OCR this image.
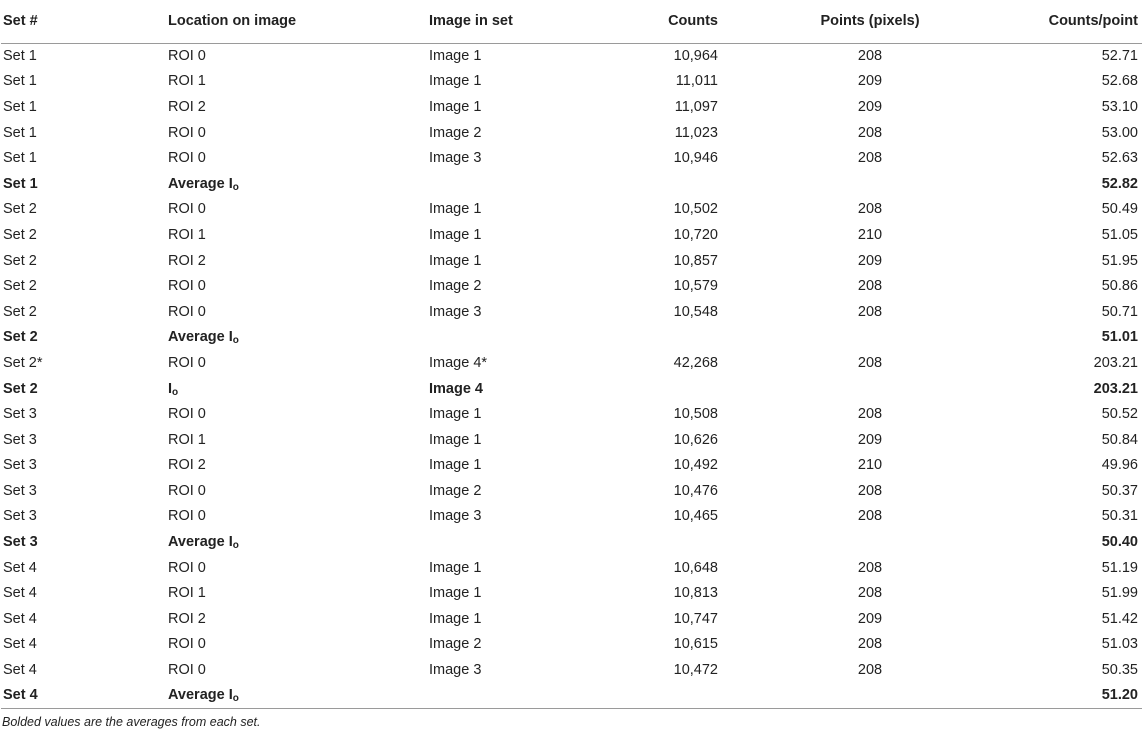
Set #	Location on image	Image in set	Counts	Points (pixels)	Counts/point
Set 1	ROI 0	Image 1	10,964	208	52.71
Set 1	ROI 1	Image 1	11,011	209	52.68
Set 1	ROI 2	Image 1	11,097	209	53.10
Set 1	ROI 0	Image 2	11,023	208	53.00
Set 1	ROI 0	Image 3	10,946	208	52.63
Set 1	Average $I_o$				52.82
Set 2	ROI 0	Image 1	10,502	208	50.49
Set 2	ROI 1	Image 1	10,720	210	51.05
Set 2	ROI 2	Image 1	10,857	209	51.95
Set 2	ROI 0	Image 2	10,579	208	50.86
Set 2	ROI 0	Image 3	10,548	208	50.71
Set 2	Average $I_o$				51.01
Set 2*	ROI 0	Image 4*	42,268	208	203.21
Set 2	$I_o$	Image 4			203.21
Set 3	ROI 0	Image 1	10,508	208	50.52
Set 3	ROI 1	Image 1	10,626	209	50.84
Set 3	ROI 2	Image 1	10,492	210	49.96
Set 3	ROI 0	Image 2	10,476	208	50.37
Set 3	ROI 0	Image 3	10,465	208	50.31
Set 3	Average $I_o$				50.40
Set 4	ROI 0	Image 1	10,648	208	51.19
Set 4	ROI 1	Image 1	10,813	208	51.99
Set 4	ROI 2	Image 1	10,747	209	51.42
Set 4	ROI 0	Image 2	10,615	208	51.03
Set 4	ROI 0	Image 3	10,472	208	50.35
Set 4	Average $I_o$				51.20
Bolded values are the averages from each set.
